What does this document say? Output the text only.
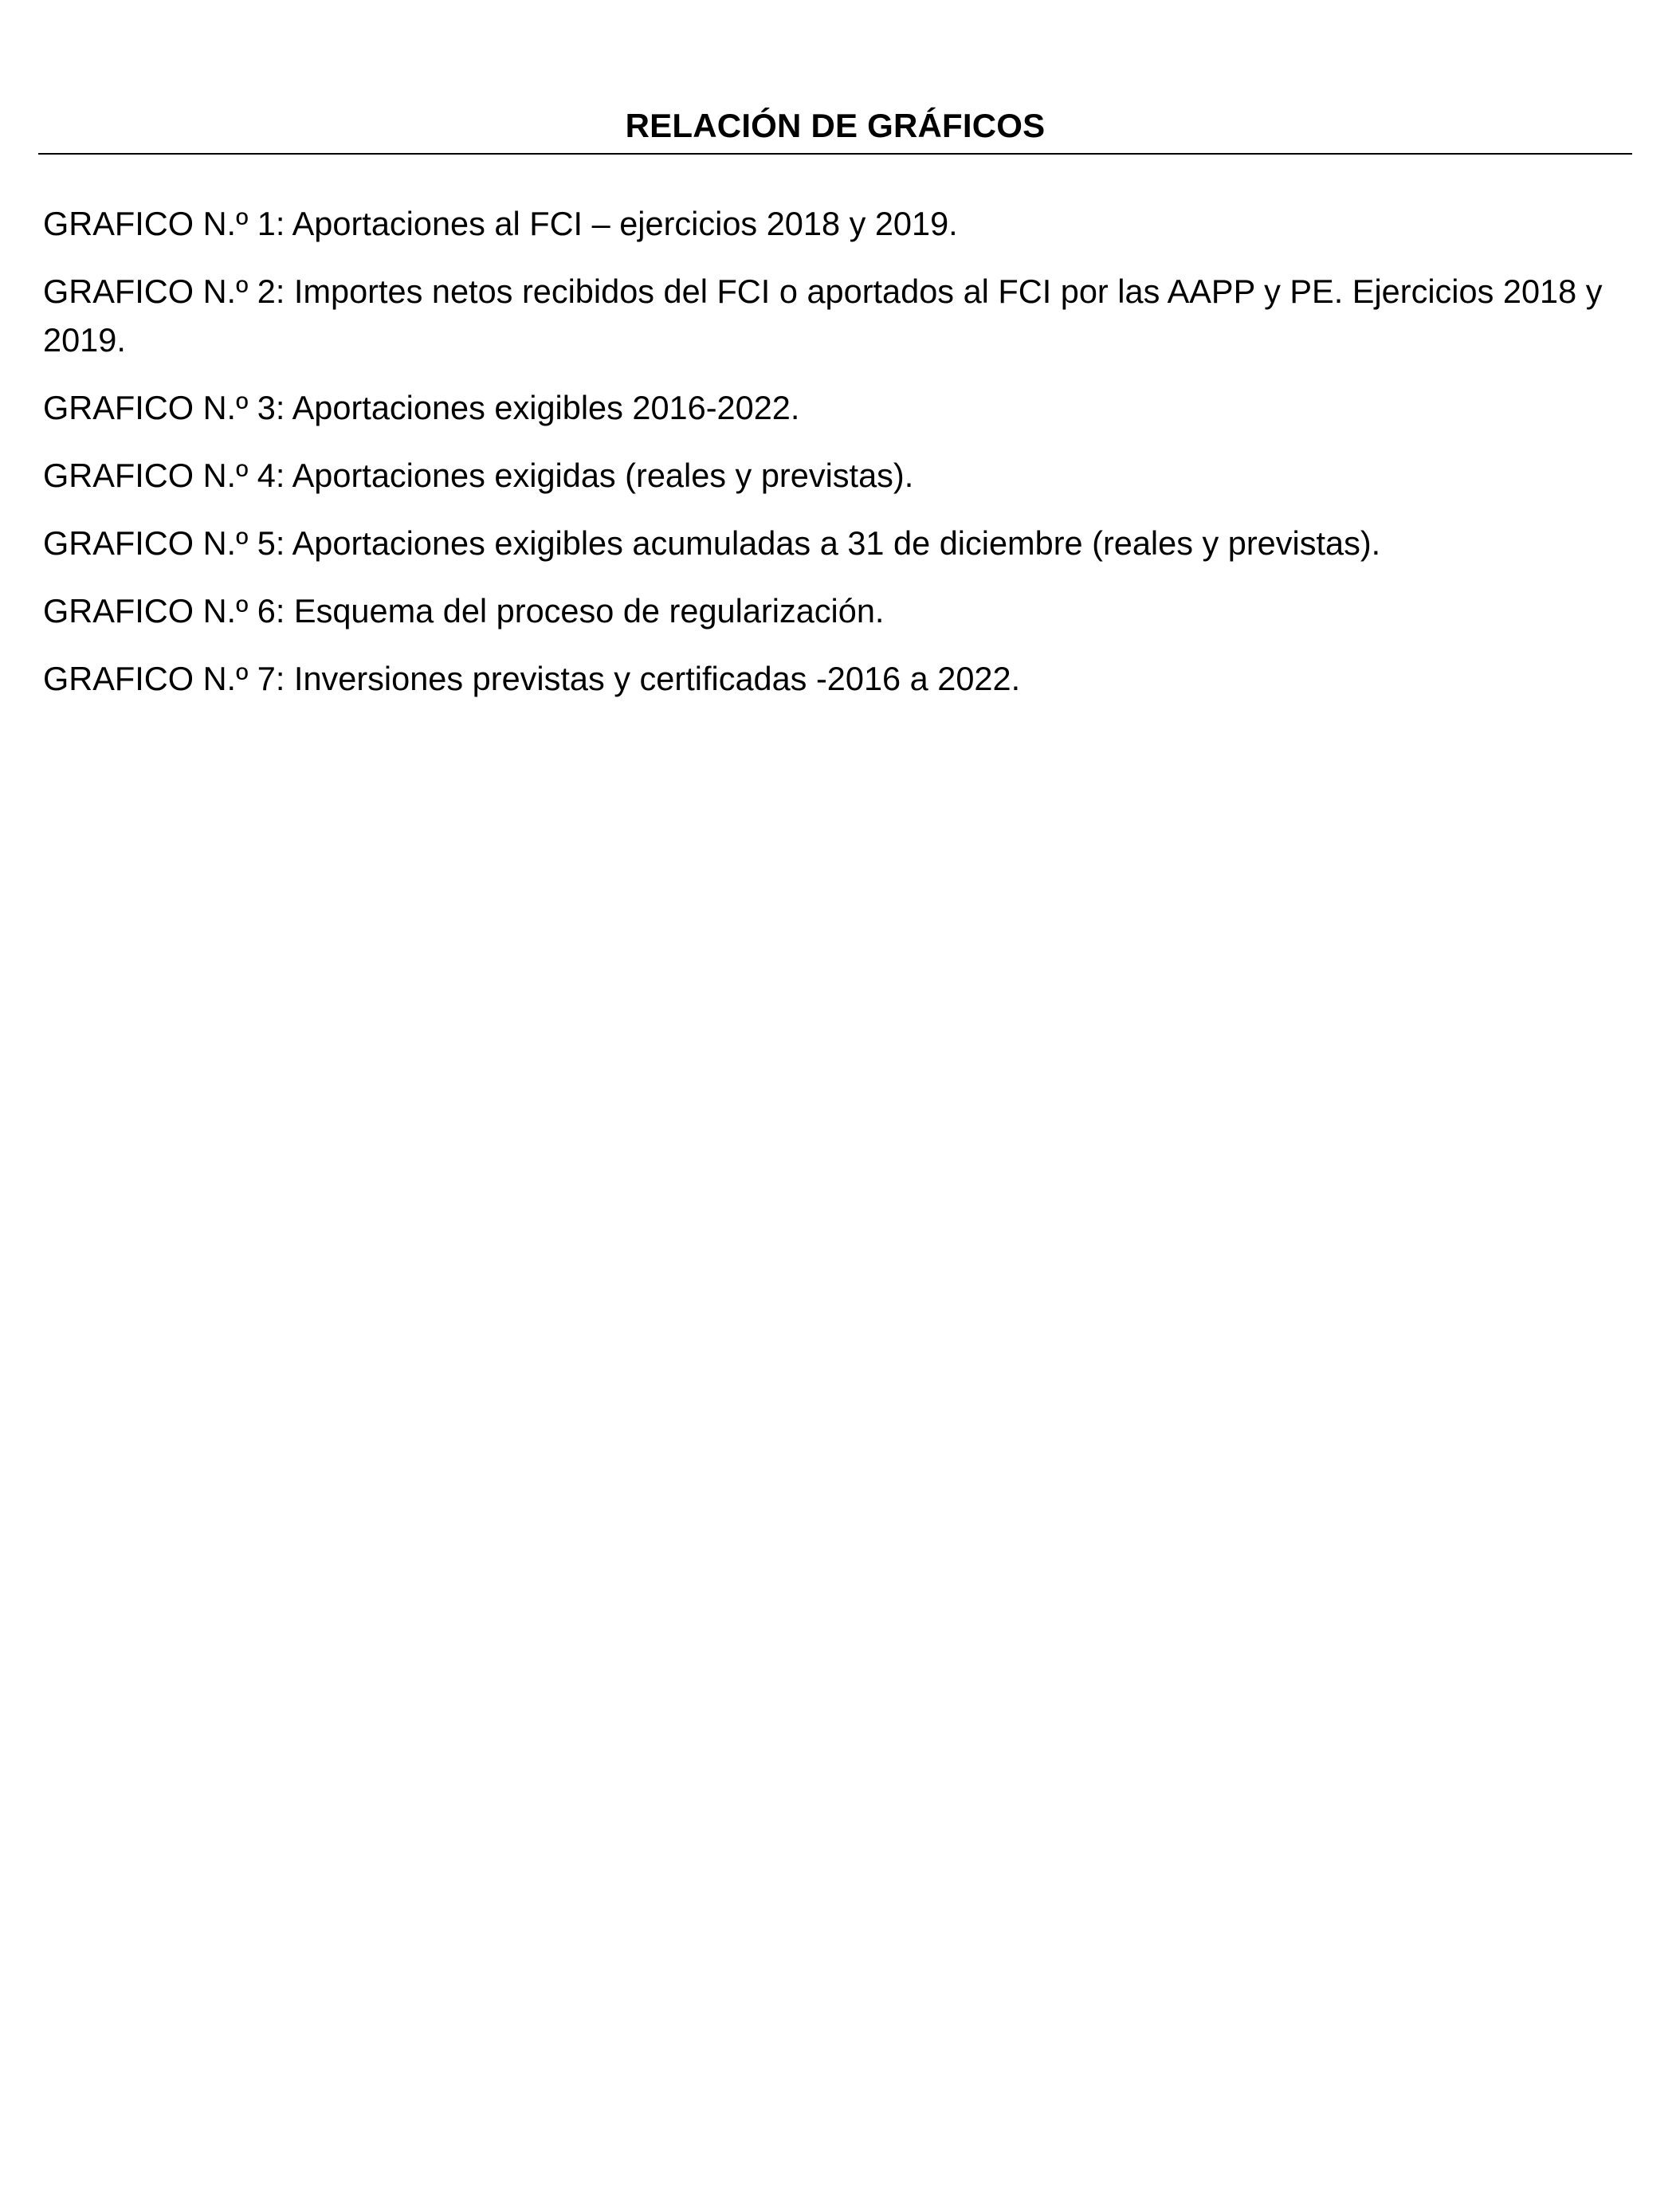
RELACIÓN DE GRÁFICOS
GRAFICO N.º 1: Aportaciones al FCI – ejercicios 2018 y 2019.
GRAFICO N.º 2: Importes netos recibidos del FCI o aportados al FCI por las AAPP y PE. Ejercicios 2018 y 2019.
GRAFICO N.º 3: Aportaciones exigibles 2016-2022.
GRAFICO N.º 4: Aportaciones exigidas (reales y previstas).
GRAFICO N.º 5: Aportaciones exigibles acumuladas a 31 de diciembre (reales y previstas).
GRAFICO N.º 6: Esquema del proceso de regularización.
GRAFICO N.º 7: Inversiones previstas y certificadas -2016 a 2022.
